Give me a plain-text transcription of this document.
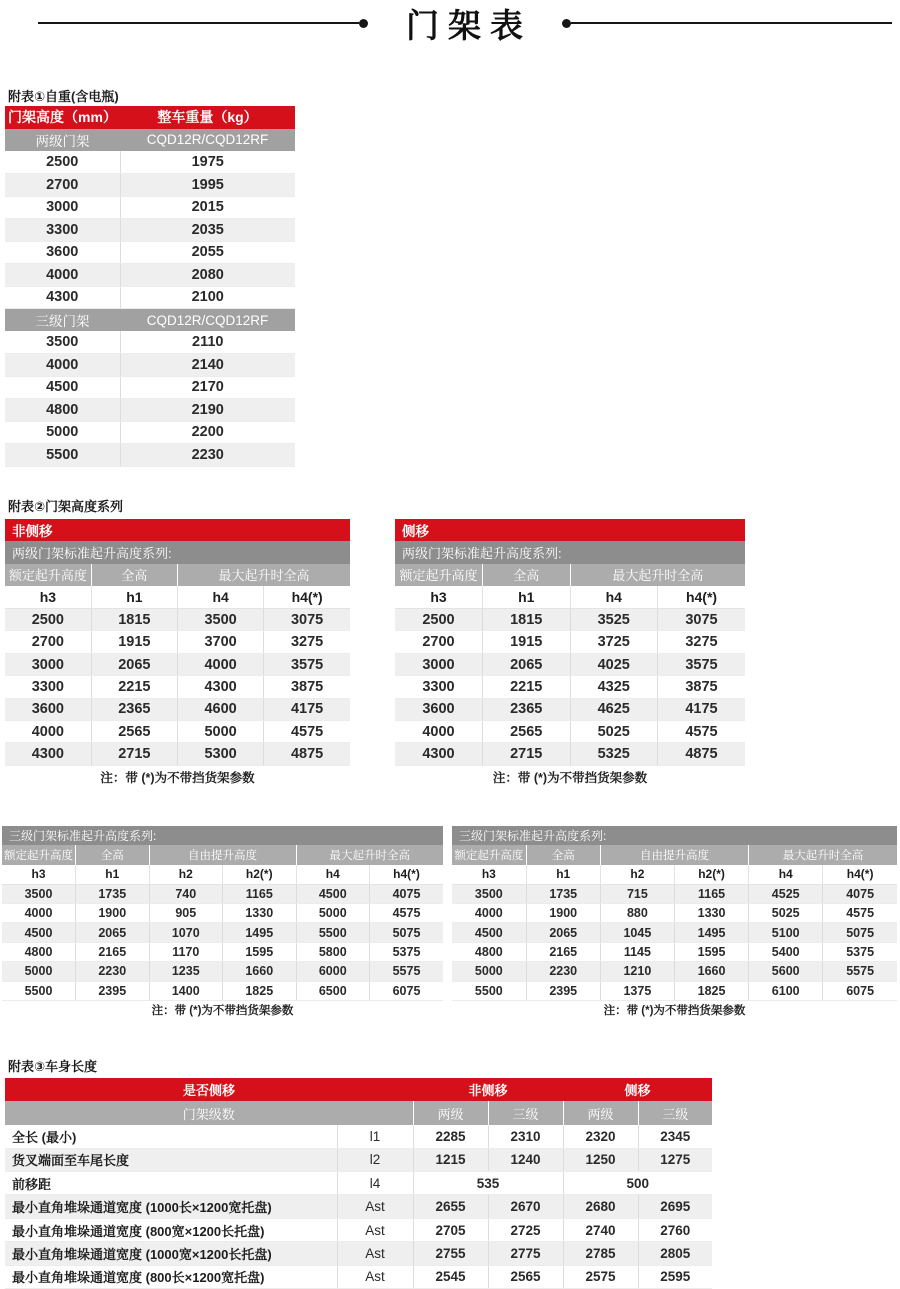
门架表
附表①自重(含电瓶)
门架高度（mm）	整车重量（kg）
两级门架	CQD12R/CQD12RF
2500	1975
2700	1995
3000	2015
3300	2035
3600	2055
4000	2080
4300	2100
三级门架	CQD12R/CQD12RF
3500	2110
4000	2140
4500	2170
4800	2190
5000	2200
5500	2230
附表②门架高度系列
非侧移			
两级门架标准起升高度系列:			
额定起升高度	全高	最大起升时全高	
h3	h1	h4	h4(*)
2500	1815	3500	3075
2700	1915	3700	3275
3000	2065	4000	3575
3300	2215	4300	3875
3600	2365	4600	4175
4000	2565	5000	4575
4300	2715	5300	4875
注：带 (*)为不带挡货架参数			
侧移			
两级门架标准起升高度系列:			
额定起升高度	全高	最大起升时全高	
h3	h1	h4	h4(*)
2500	1815	3525	3075
2700	1915	3725	3275
3000	2065	4025	3575
3300	2215	4325	3875
3600	2365	4625	4175
4000	2565	5025	4575
4300	2715	5325	4875
注：带 (*)为不带挡货架参数			
三级门架标准起升高度系列:					
额定起升高度	全高	自由提升高度		最大起升时全高	
h3	h1	h2	h2(*)	h4	h4(*)
3500	1735	740	1165	4500	4075
4000	1900	905	1330	5000	4575
4500	2065	1070	1495	5500	5075
4800	2165	1170	1595	5800	5375
5000	2230	1235	1660	6000	5575
5500	2395	1400	1825	6500	6075
注：带 (*)为不带挡货架参数					
三级门架标准起升高度系列:					
额定起升高度	全高	自由提升高度		最大起升时全高	
h3	h1	h2	h2(*)	h4	h4(*)
3500	1735	715	1165	4525	4075
4000	1900	880	1330	5025	4575
4500	2065	1045	1495	5100	5075
4800	2165	1145	1595	5400	5375
5000	2230	1210	1660	5600	5575
5500	2395	1375	1825	6100	6075
注：带 (*)为不带挡货架参数					
附表③车身长度
是否侧移		非侧移		侧移	
门架级数		两级	三级	两级	三级
全长 (最小)	l1	2285	2310	2320	2345
货叉端面至车尾长度	l2	1215	1240	1250	1275
前移距	l4	535		500	
最小直角堆垛通道宽度 (1000长×1200宽托盘)	Ast	2655	2670	2680	2695
最小直角堆垛通道宽度 (800宽×1200长托盘)	Ast	2705	2725	2740	2760
最小直角堆垛通道宽度 (1000宽×1200长托盘)	Ast	2755	2775	2785	2805
最小直角堆垛通道宽度 (800长×1200宽托盘)	Ast	2545	2565	2575	2595
